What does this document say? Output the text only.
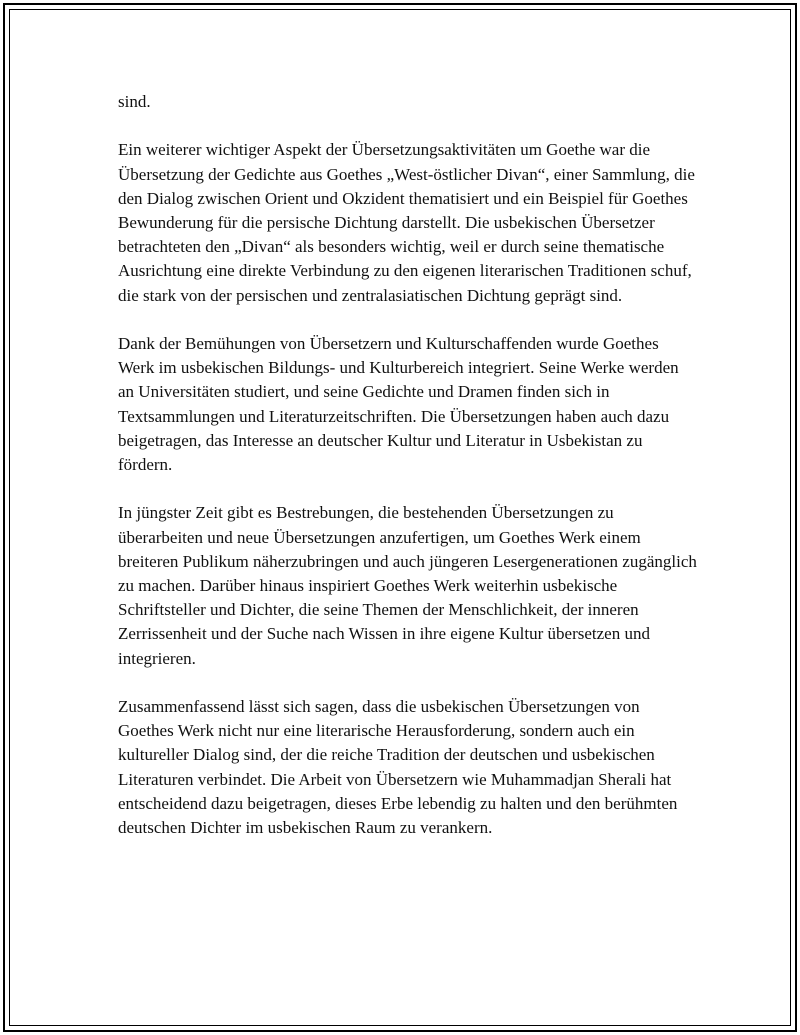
sind.

Ein weiterer wichtiger Aspekt der Übersetzungsaktivitäten um Goethe war die Übersetzung der Gedichte aus Goethes „West-östlicher Divan“, einer Sammlung, die den Dialog zwischen Orient und Okzident thematisiert und ein Beispiel für Goethes Bewunderung für die persische Dichtung darstellt. Die usbekischen Übersetzer betrachteten den „Divan“ als besonders wichtig, weil er durch seine thematische Ausrichtung eine direkte Verbindung zu den eigenen literarischen Traditionen schuf, die stark von der persischen und zentralasiatischen Dichtung geprägt sind.

Dank der Bemühungen von Übersetzern und Kulturschaffenden wurde Goethes Werk im usbekischen Bildungs- und Kulturbereich integriert. Seine Werke werden an Universitäten studiert, und seine Gedichte und Dramen finden sich in Textsammlungen und Literaturzeitschriften. Die Übersetzungen haben auch dazu beigetragen, das Interesse an deutscher Kultur und Literatur in Usbekistan zu fördern.

In jüngster Zeit gibt es Bestrebungen, die bestehenden Übersetzungen zu überarbeiten und neue Übersetzungen anzufertigen, um Goethes Werk einem breiteren Publikum näherzubringen und auch jüngeren Lesergenerationen zugänglich zu machen. Darüber hinaus inspiriert Goethes Werk weiterhin usbekische Schriftsteller und Dichter, die seine Themen der Menschlichkeit, der inneren Zerrissenheit und der Suche nach Wissen in ihre eigene Kultur übersetzen und integrieren.

Zusammenfassend lässt sich sagen, dass die usbekischen Übersetzungen von Goethes Werk nicht nur eine literarische Herausforderung, sondern auch ein kultureller Dialog sind, der die reiche Tradition der deutschen und usbekischen Literaturen verbindet. Die Arbeit von Übersetzern wie Muhammadjan Sherali hat entscheidend dazu beigetragen, dieses Erbe lebendig zu halten und den berühmten deutschen Dichter im usbekischen Raum zu verankern.
